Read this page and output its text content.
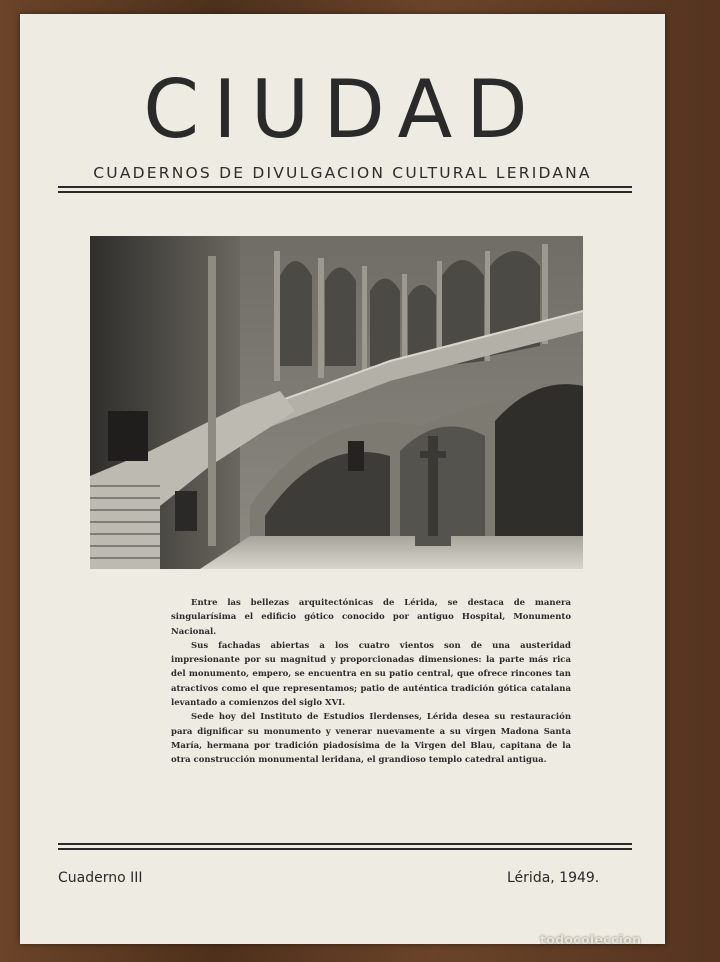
CIUDAD
CUADERNOS DE DIVULGACION CULTURAL LERIDANA

Entre las bellezas arquitectónicas de Lérida, se destaca de manera singularísima el edificio gótico conocido por antiguo Hospital, Monumento Nacional.

Sus fachadas abiertas a los cuatro vientos son de una austeridad impresionante por su magnitud y proporcionadas dimensiones: la parte más rica del monumento, empero, se encuentra en su patio central, que ofrece rincones tan atractivos como el que representamos; patio de auténtica tradición gótica catalana levantado a comienzos del siglo XVI.

Sede hoy del Instituto de Estudios Ilerdenses, Lérida desea su restauración para dignificar su monumento y venerar nuevamente a su virgen Madona Santa María, hermana por tradición piadosísima de la Virgen del Blau, capitana de la otra construcción monumental leridana, el grandioso templo catedral antigua.

Cuaderno III	Lérida, 1949.
todocoleccion
